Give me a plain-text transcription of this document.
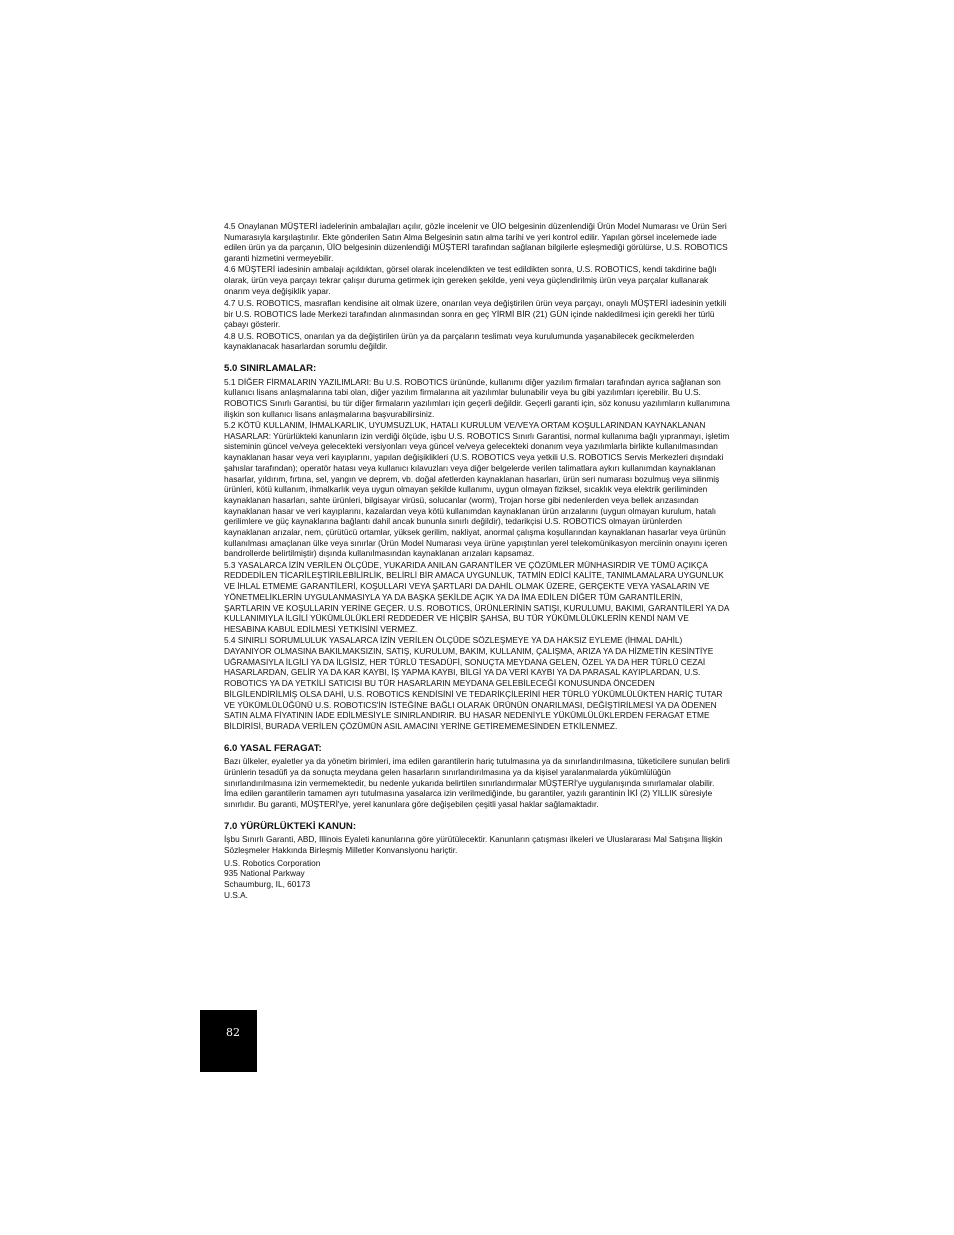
4.5 Onaylanan MÜŞTERİ iadelerinin ambalajları açılır, gözle incelenir ve ÜİO belgesinin düzenlendiği Ürün Model Numarası ve Ürün Seri Numarasıyla karşılaştırılır. Ekte gönderilen Satın Alma Belgesinin satın alma tarihi ve yeri kontrol edilir. Yapılan görsel incelemede iade edilen ürün ya da parçanın, ÜİO belgesinin düzenlendiği MÜŞTERİ tarafından sağlanan bilgilerle eşleşmediği görülürse, U.S. ROBOTICS garanti hizmetini vermeyebilir.

4.6 MÜŞTERİ iadesinin ambalajı açıldıktan, görsel olarak incelendikten ve test edildikten sonra, U.S. ROBOTICS, kendi takdirine bağlı olarak, ürün veya parçayı tekrar çalışır duruma getirmek için gereken şekilde, yeni veya güçlendirilmiş ürün veya parçalar kullanarak onarım veya değişiklik yapar.

4.7 U.S. ROBOTICS, masrafları kendisine ait olmak üzere, onarılan veya değiştirilen ürün veya parçayı, onaylı MÜŞTERİ iadesinin yetkili bir U.S. ROBOTICS İade Merkezi tarafından alınmasından sonra en geç YİRMİ BİR (21) GÜN içinde nakledilmesi için gerekli her türlü çabayı gösterir.

4.8 U.S. ROBOTICS, onarılan ya da değiştirilen ürün ya da parçaların teslimatı veya kurulumunda yaşanabilecek gecikmelerden kaynaklanacak hasarlardan sorumlu değildir.

5.0 SINIRLAMALAR:

5.1 DİĞER FİRMALARIN YAZILIMLARI: Bu U.S. ROBOTICS ürününde, kullanımı diğer yazılım firmaları tarafından ayrıca sağlanan son kullanıcı lisans anlaşmalarına tabi olan, diğer yazılım firmalarına ait yazılımlar bulunabilir veya bu gibi yazılımları içerebilir. Bu U.S. ROBOTICS Sınırlı Garantisi, bu tür diğer firmaların yazılımları için geçerli değildir. Geçerli garanti için, söz konusu yazılımların kullanımına ilişkin son kullanıcı lisans anlaşmalarına başvurabilirsiniz.

5.2 KÖTÜ KULLANIM, İHMALKARLIK, UYUMSUZLUK, HATALI KURULUM VE/VEYA ORTAM KOŞULLARINDAN KAYNAKLANAN HASARLAR: Yürürlükteki kanunların izin verdiği ölçüde, işbu U.S. ROBOTICS Sınırlı Garantisi, normal kullanıma bağlı yıpranmayı, işletim sisteminin güncel ve/veya gelecekteki versiyonları veya güncel ve/veya gelecekteki donanım veya yazılımlarla birlikte kullanılmasından kaynaklanan hasar veya veri kayıplarını, yapılan değişiklikleri (U.S. ROBOTICS veya yetkili U.S. ROBOTICS Servis Merkezleri dışındaki şahıslar tarafından); operatör hatası veya kullanıcı kılavuzları veya diğer belgelerde verilen talimatlara aykırı kullanımdan kaynaklanan hasarlar, yıldırım, fırtına, sel, yangın ve deprem, vb. doğal afetlerden kaynaklanan hasarları, ürün seri numarası bozulmuş veya silinmiş ürünleri, kötü kullanım, ihmalkarlık veya uygun olmayan şekilde kullanımı, uygun olmayan fiziksel, sıcaklık veya elektrik geriliminden kaynaklanan hasarları, sahte ürünleri, bilgisayar virüsü, solucanlar (worm), Trojan horse gibi nedenlerden veya bellek arızasından kaynaklanan hasar ve veri kayıplarını, kazalardan veya kötü kullanımdan kaynaklanan ürün arızalarını (uygun olmayan kurulum, hatalı gerilimlere ve güç kaynaklarına bağlantı dahil ancak bununla sınırlı değildir), tedarikçisi U.S. ROBOTICS olmayan ürünlerden kaynaklanan arızalar, nem, çürütücü ortamlar, yüksek gerilim, nakliyat, anormal çalışma koşullarından kaynaklanan hasarlar veya ürünün kullanılması amaçlanan ülke veya sınırlar (Ürün Model Numarası veya ürüne yapıştırılan yerel telekomünikasyon merciinin onayını içeren bandrollerde belirtilmiştir) dışında kullanılmasından kaynaklanan arızaları kapsamaz.

5.3 YASALARCA İZİN VERİLEN ÖLÇÜDE, YUKARIDA ANILAN GARANTİLER VE ÇÖZÜMLER MÜNHASIRDIR VE TÜMÜ AÇIKÇA REDDEDİLEN TİCARİLEŞTİRİLEBİLİRLİK, BELİRLİ BİR AMACA UYGUNLUK, TATMİN EDİCİ KALİTE, TANIMLAMALARA UYGUNLUK VE İHLAL ETMEME GARANTİLERİ, KOŞULLARI VEYA ŞARTLARI DA DAHİL OLMAK ÜZERE, GERÇEKTE VEYA YASALARIN VE YÖNETMELİKLERİN UYGULANMASIYLA YA DA BAŞKA ŞEKİLDE AÇIK YA DA İMA EDİLEN DİĞER TÜM GARANTİLERİN, ŞARTLARIN VE KOŞULLARIN YERİNE GEÇER. U.S. ROBOTICS, ÜRÜNLERİNİN SATIŞI, KURULUMU, BAKIMI, GARANTİLERİ YA DA KULLANIMIYLA İLGİLİ YÜKÜMLÜLÜKLERİ REDDEDER VE HİÇBİR ŞAHSA, BU TÜR YÜKÜMLÜLÜKLERİN KENDİ NAM VE HESABINA KABUL EDİLMESİ YETKİSİNİ VERMEZ.

5.4 SINIRLI SORUMLULUK YASALARCA İZİN VERİLEN ÖLÇÜDE SÖZLEŞMEYE YA DA HAKSIZ EYLEME (İHMAL DAHİL) DAYANIYOR OLMASINA BAKILMAKSIZIN, SATIŞ, KURULUM, BAKIM, KULLANIM, ÇALIŞMA, ARIZA YA DA HİZMETİN KESİNTİYE UĞRAMASIYLA İLGİLİ YA DA İLGİSİZ, HER TÜRLÜ TESADÜFİ, SONUÇTA MEYDANA GELEN, ÖZEL YA DA HER TÜRLÜ CEZAİ HASARLARDAN, GELİR YA DA KAR KAYBI, İŞ YAPMA KAYBI, BİLGİ YA DA VERİ KAYBI YA DA PARASAL KAYIPLARDAN, U.S. ROBOTICS YA DA YETKİLİ SATICISI BU TÜR HASARLARIN MEYDANA GELEBİLECEĞİ KONUSUNDA ÖNCEDEN BİLGİLENDİRİLMİŞ OLSA DAHİ, U.S. ROBOTICS KENDİSİNİ VE TEDARİKÇİLERİNİ HER TÜRLÜ YÜKÜMLÜLÜKTEN HARİÇ TUTAR VE YÜKÜMLÜLÜĞÜNÜ U.S. ROBOTICS'İN İSTEĞİNE BAĞLI OLARAK ÜRÜNÜN ONARILMASI, DEĞİŞTİRİLMESİ YA DA ÖDENEN SATIN ALMA FİYATININ İADE EDİLMESİYLE SINIRLANDIRIR. BU HASAR NEDENİYLE YÜKÜMLÜLÜKLERDEN FERAGAT ETME BİLDİRİSİ, BURADA VERİLEN ÇÖZÜMÜN ASIL AMACINI YERİNE GETİREMEMESİNDEN ETKİLENMEZ.

6.0 YASAL FERAGAT:

Bazı ülkeler, eyaletler ya da yönetim birimleri, ima edilen garantilerin hariç tutulmasına ya da sınırlandırılmasına, tüketicilere sunulan belirli ürünlerin tesadüfi ya da sonuçta meydana gelen hasarların sınırlandırılmasına ya da kişisel yaralanmalarda yükümlülüğün sınırlandırılmasına izin vermemektedir, bu nedenle yukarıda belirtilen sınırlandırmalar MÜŞTERİ'ye uygulanışında sınırlamalar olabilir. İma edilen garantilerin tamamen ayrı tutulmasına yasalarca izin verilmediğinde, bu garantiler, yazılı garantinin İKİ (2) YILLIK süresiyle sınırlıdır. Bu garanti, MÜŞTERİ'ye, yerel kanunlara göre değişebilen çeşitli yasal haklar sağlamaktadır.

7.0 YÜRÜRLÜKTEKİ KANUN:

İşbu Sınırlı Garanti, ABD, Illinois Eyaleti kanunlarına göre yürütülecektir. Kanunların çatışması ilkeleri ve Uluslararası Mal Satışına İlişkin Sözleşmeler Hakkında Birleşmiş Milletler Konvansiyonu hariçtir.

U.S. Robotics Corporation
935 National Parkway
Schaumburg, IL, 60173
U.S.A.
82
